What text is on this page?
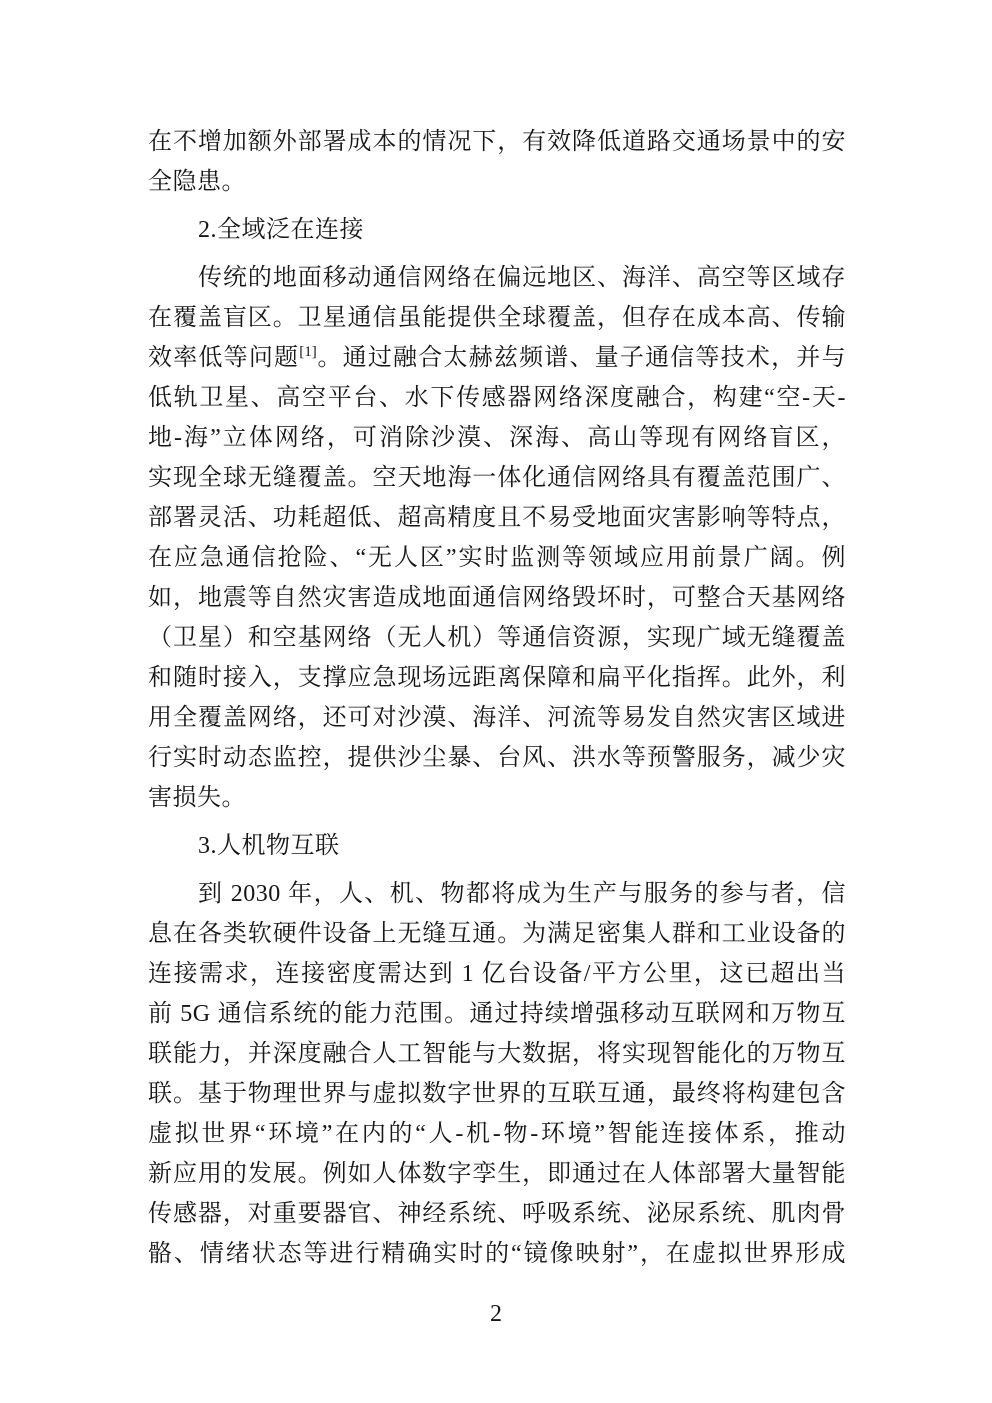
在不增加额外部署成本的情况下，有效降低道路交通场景中的安
全隐患。
2.全域泛在连接
传统的地面移动通信网络在偏远地区、海洋、高空等区域存
在覆盖盲区。卫星通信虽能提供全球覆盖，但存在成本高、传输
效率低等问题[1]。通过融合太赫兹频谱、量子通信等技术，并与
低轨卫星、高空平台、水下传感器网络深度融合，构建“空-天-
地-海”立体网络，可消除沙漠、深海、高山等现有网络盲区，
实现全球无缝覆盖。空天地海一体化通信网络具有覆盖范围广、
部署灵活、功耗超低、超高精度且不易受地面灾害影响等特点，
在应急通信抢险、“无人区”实时监测等领域应用前景广阔。例
如，地震等自然灾害造成地面通信网络毁坏时，可整合天基网络
（卫星）和空基网络（无人机）等通信资源，实现广域无缝覆盖
和随时接入，支撑应急现场远距离保障和扁平化指挥。此外，利
用全覆盖网络，还可对沙漠、海洋、河流等易发自然灾害区域进
行实时动态监控，提供沙尘暴、台风、洪水等预警服务，减少灾
害损失。
3.人机物互联
到 2030 年，人、机、物都将成为生产与服务的参与者，信
息在各类软硬件设备上无缝互通。为满足密集人群和工业设备的
连接需求，连接密度需达到 1 亿台设备/平方公里，这已超出当
前 5G 通信系统的能力范围。通过持续增强移动互联网和万物互
联能力，并深度融合人工智能与大数据，将实现智能化的万物互
联。基于物理世界与虚拟数字世界的互联互通，最终将构建包含
虚拟世界“环境”在内的“人-机-物-环境”智能连接体系，推动
新应用的发展。例如人体数字孪生，即通过在人体部署大量智能
传感器，对重要器官、神经系统、呼吸系统、泌尿系统、肌肉骨
骼、情绪状态等进行精确实时的“镜像映射”，在虚拟世界形成
2
